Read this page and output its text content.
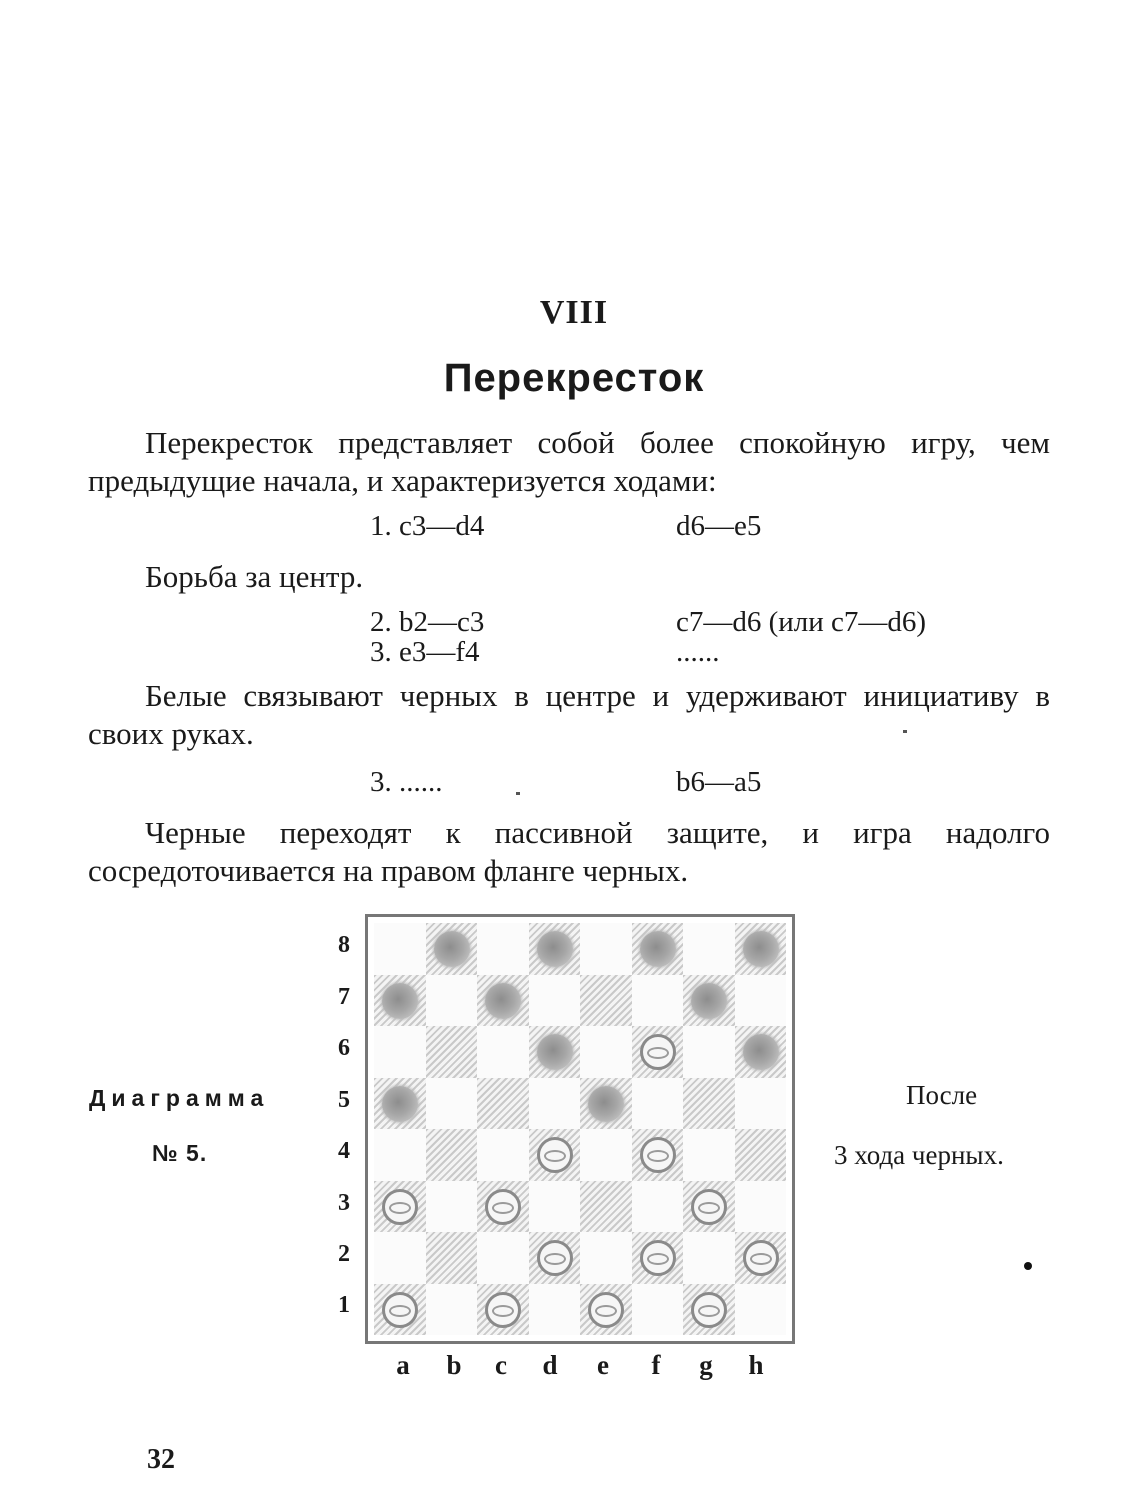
VIII
Перекресток
Перекресток представляет собой более спокойную игру, чем предыдущие начала, и характеризуется ходами:
1. c3—d4	d6—e5
Борьба за центр.
2. b2—c3	c7—d6 (или c7—d6)
3. e3—f4	......
Белые связывают черных в центре и удерживают инициативу в своих руках.
3. ......	b6—a5
Черные переходят к пассивной защите, и игра надолго сосредоточивается на правом фланге черных.
Диаграмма
№ 5.
После
3 хода черных.
8
7
6
5
4
3
2
1
a	b	c	d	e	f	g	h
32
